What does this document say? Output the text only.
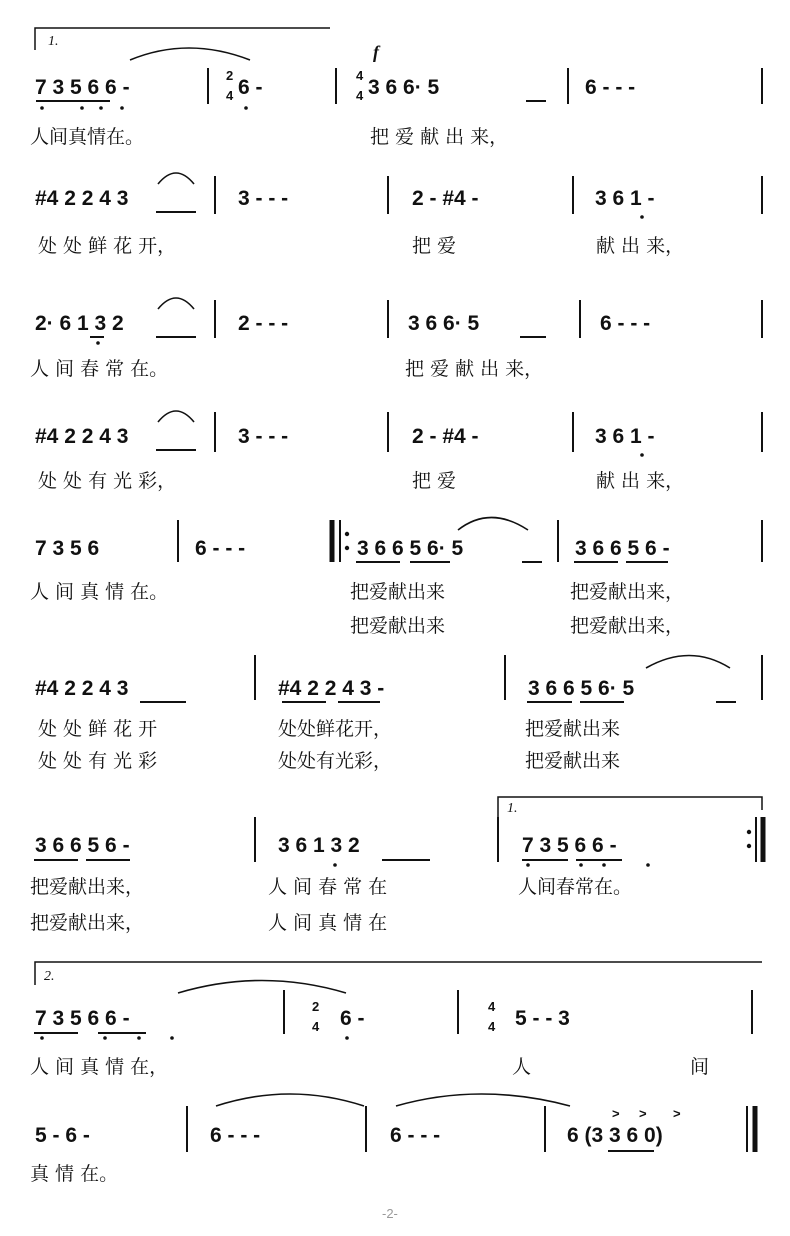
1.
f
7 3 5 6 6 -
2
4 6 -
4
4 3 6 6· 5	6 - - -
人间真情在。	把 爱 献 出 来，
#4 2 2 4 3	3 - - -	2 - #4 -	3 6 1 -
处 处 鲜 花 开，	把 爱	献 出 来，
2· 6 1 3 2	2 - - -	3 6 6· 5	6 - - -
人 间 春 常 在。	把 爱 献 出 来，
#4 2 2 4 3	3 - - -	2 - #4 -	3 6 1 -
处 处 有 光 彩，	把 爱	献 出 来，
7 3 5 6	6 - - -	3 6 6 5 6· 5	3 6 6 5 6 -
人 间 真 情 在。	把爱献出来	把爱献出来，
把爱献出来	把爱献出来，
#4 2 2 4 3	#4 2 2 4 3 -	3 6 6 5 6· 5
处 处 鲜 花 开	处处鲜花开，	把爱献出来
处 处 有 光 彩	处处有光彩，	把爱献出来
1.
3 6 6 5 6 -	3 6 1 3 2	7 3 5 6 6 -
把爱献出来，	人 间 春 常 在	人间春常在。
把爱献出来，	人 间 真 情 在
2.
7 3 5 6 6 -
2
4 6 -
4
4 5 - - 3
人 间 真 情 在，	人	间
5 - 6 -	6 - - -	6 - - -	6 (3 3 6 0)
> > >
真 情 在。
-2-
